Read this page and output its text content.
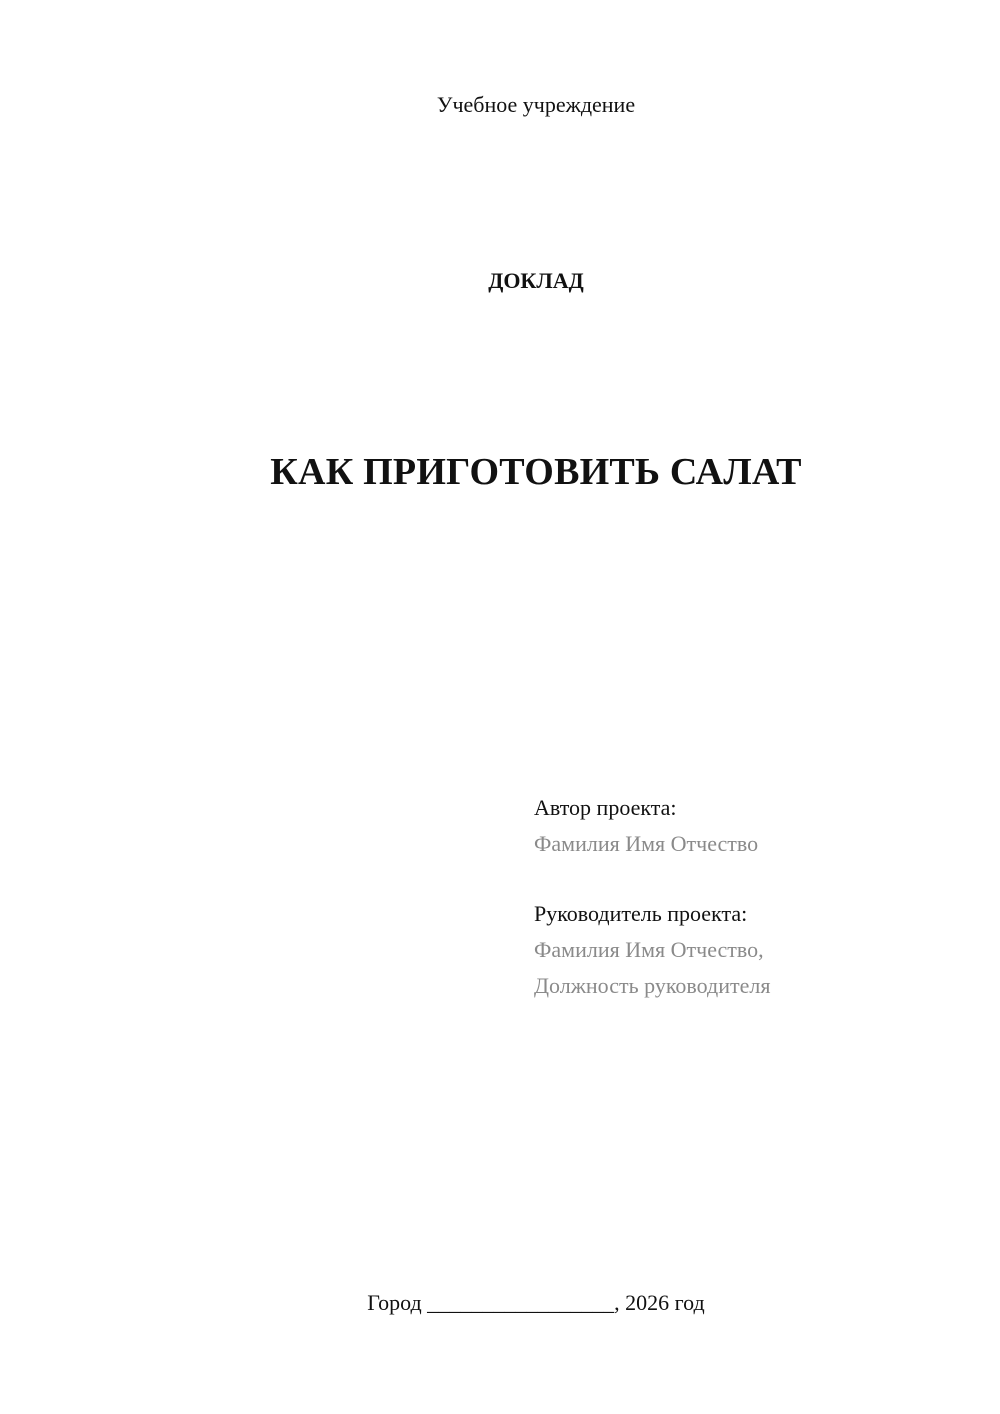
Учебное учреждение
ДОКЛАД
КАК ПРИГОТОВИТЬ САЛАТ
Автор проекта:
Фамилия Имя Отчество
Руководитель проекта:
Фамилия Имя Отчество,
Должность руководителя
Город _________________, 2026 год
